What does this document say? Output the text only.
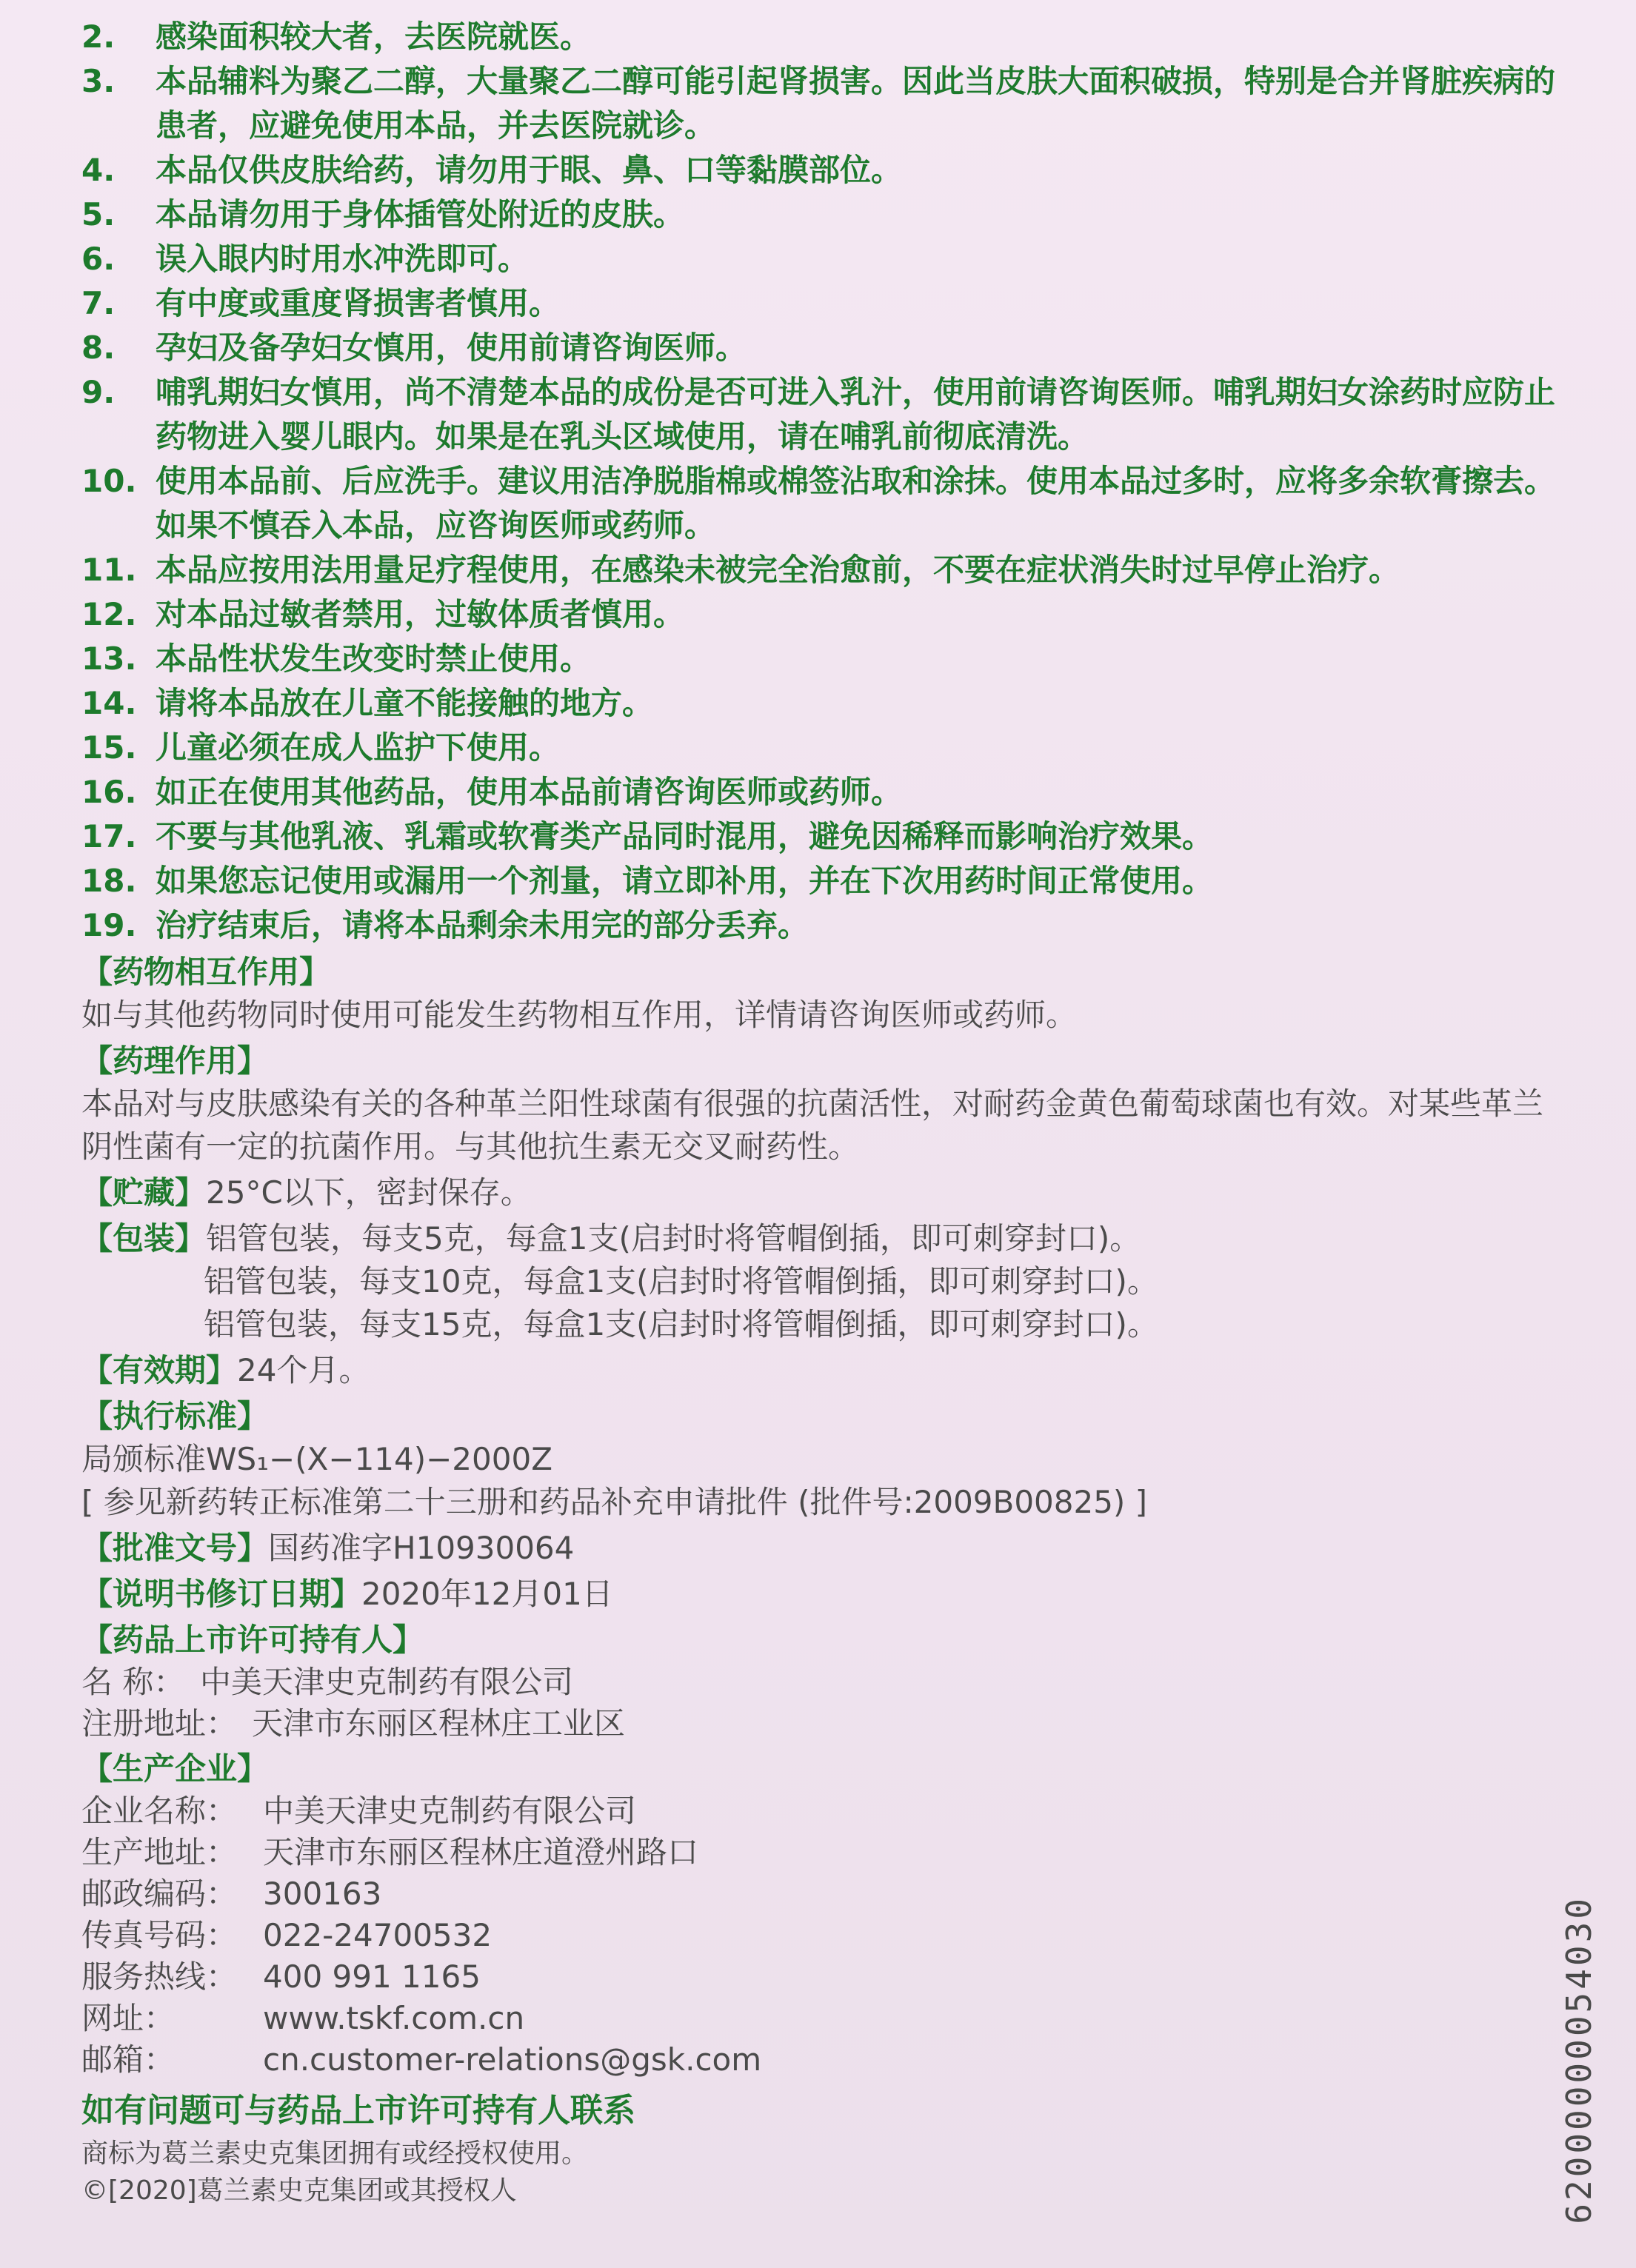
2.	感染面积较大者，去医院就医。
3.	本品辅料为聚乙二醇，大量聚乙二醇可能引起肾损害。因此当皮肤大面积破损，特别是合并肾脏疾病的患者，应避免使用本品，并去医院就诊。
4.	本品仅供皮肤给药，请勿用于眼、鼻、口等黏膜部位。
5.	本品请勿用于身体插管处附近的皮肤。
6.	误入眼内时用水冲洗即可。
7.	有中度或重度肾损害者慎用。
8.	孕妇及备孕妇女慎用，使用前请咨询医师。
9.	哺乳期妇女慎用，尚不清楚本品的成份是否可进入乳汁，使用前请咨询医师。哺乳期妇女涂药时应防止药物进入婴儿眼内。如果是在乳头区域使用，请在哺乳前彻底清洗。
10. 使用本品前、后应洗手。建议用洁净脱脂棉或棉签沾取和涂抹。使用本品过多时，应将多余软膏擦去。如果不慎吞入本品，应咨询医师或药师。
11. 本品应按用法用量足疗程使用，在感染未被完全治愈前，不要在症状消失时过早停止治疗。
12. 对本品过敏者禁用，过敏体质者慎用。
13. 本品性状发生改变时禁止使用。
14. 请将本品放在儿童不能接触的地方。
15. 儿童必须在成人监护下使用。
16. 如正在使用其他药品，使用本品前请咨询医师或药师。
17. 不要与其他乳液、乳霜或软膏类产品同时混用，避免因稀释而影响治疗效果。
18. 如果您忘记使用或漏用一个剂量，请立即补用，并在下次用药时间正常使用。
19. 治疗结束后，请将本品剩余未用完的部分丢弃。
【药物相互作用】
如与其他药物同时使用可能发生药物相互作用，详情请咨询医师或药师。
【药理作用】
本品对与皮肤感染有关的各种革兰阳性球菌有很强的抗菌活性，对耐药金黄色葡萄球菌也有效。对某些革兰阴性菌有一定的抗菌作用。与其他抗生素无交叉耐药性。
【贮藏】 25°C以下，密封保存。
【包装】 铝管包装，每支5克，每盒1支(启封时将管帽倒插，即可刺穿封口)。
铝管包装，每支10克，每盒1支(启封时将管帽倒插，即可刺穿封口)。
铝管包装，每支15克，每盒1支(启封时将管帽倒插，即可刺穿封口)。
【有效期】 24个月。
【执行标准】
局颁标准WS₁−(X−114)−2000Z
[ 参见新药转正标准第二十三册和药品补充申请批件 (批件号:2009B00825) ]
【批准文号】 国药准字H10930064
【说明书修订日期】 2020年12月01日
【药品上市许可持有人】
名 称： 中美天津史克制药有限公司
注册地址： 天津市东丽区程林庄工业区
【生产企业】
企业名称： 中美天津史克制药有限公司
生产地址： 天津市东丽区程林庄道澄州路口
邮政编码： 300163
传真号码： 022-24700532
服务热线： 400 991 1165
网址：	www.tskf.com.cn
邮箱：	cn.customer-relations@gsk.com
如有问题可与药品上市许可持有人联系
商标为葛兰素史克集团拥有或经授权使用。
©[2020]葛兰素史克集团或其授权人	62000000054030
